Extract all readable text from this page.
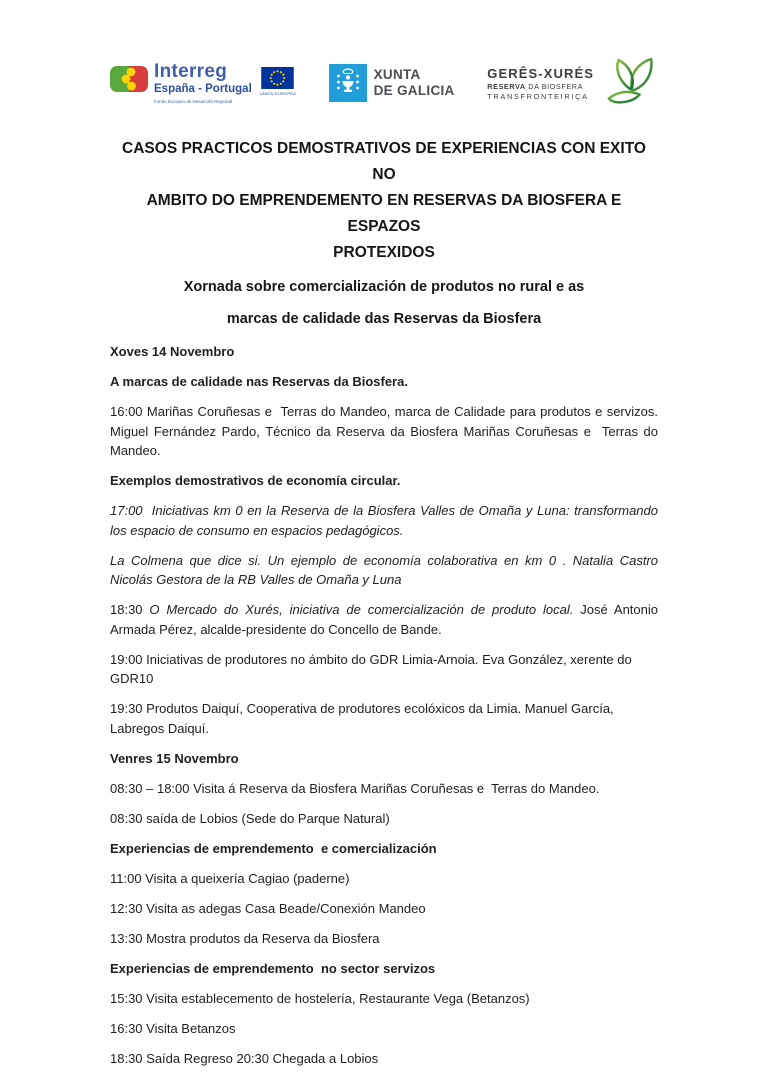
Interreg
España - Portugal
Fondo Europeo de Desarrollo Regional
UNIÓN EUROPEA
XUNTA
DE GALICIA
GERÊS-XURÉS
RESERVA DA BIOSFERA
TRANSFRONTEIRIÇA
CASOS PRACTICOS DEMOSTRATIVOS DE EXPERIENCIAS CON EXITO NO
AMBITO DO EMPRENDEMENTO EN RESERVAS DA BIOSFERA E ESPAZOS
PROTEXIDOS
Xornada sobre comercialización de produtos no rural e as
marcas de calidade das Reservas da Biosfera

Xoves 14 Novembro

A marcas de calidade nas Reservas da Biosfera.

16:00 Mariñas Coruñesas e  Terras do Mandeo, marca de Calidade para produtos e servizos. Miguel Fernández Pardo, Técnico da Reserva da Biosfera Mariñas Coruñesas e  Terras do Mandeo.

Exemplos demostrativos de economía circular.

17:00  Iniciativas km 0 en la Reserva de la Biosfera Valles de Omaña y Luna: transformando los espacio de consumo en espacios pedagógicos.

La Colmena que dice si. Un ejemplo de economía colaborativa en km 0 . Natalia Castro Nicolás Gestora de la RB Valles de Omaña y Luna

18:30 O Mercado do Xurés, iniciativa de comercialización de produto local. José Antonio Armada Pérez, alcalde-presidente do Concello de Bande.

19:00 Iniciativas de produtores no ámbito do GDR Limia-Arnoia. Eva González, xerente do GDR10

19:30 Produtos Daiquí, Cooperativa de produtores ecolóxicos da Limia. Manuel García, Labregos Daiquí.

Venres 15 Novembro

08:30 – 18:00 Visita á Reserva da Biosfera Mariñas Coruñesas e  Terras do Mandeo.

08:30 saída de Lobios (Sede do Parque Natural)

Experiencias de emprendemento  e comercialización

11:00 Visita a queixería Cagiao (paderne)

12:30 Visita as adegas Casa Beade/Conexión Mandeo

13:30 Mostra produtos da Reserva da Biosfera

Experiencias de emprendemento  no sector servizos

15:30 Visita establecemento de hostelería, Restaurante Vega (Betanzos)

16:30 Visita Betanzos

18:30 Saída Regreso 20:30 Chegada a Lobios
